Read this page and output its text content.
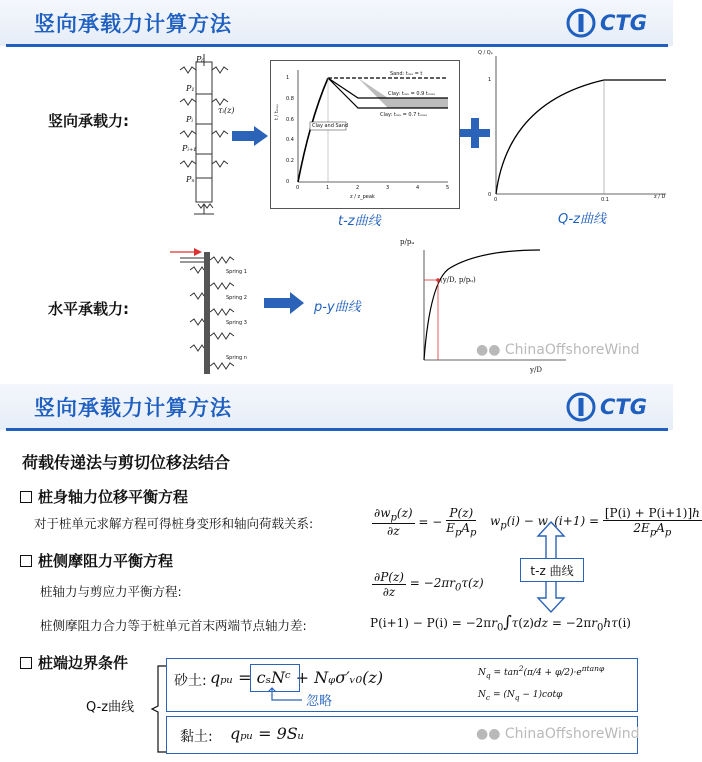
竖向承载力计算方法	CTG
P₀
P₁
Pᵢ
Pᵢ₊₁
Pₙ
τᵢ(z)
竖向承载力:
Sand: tᵣₑₛ = t
Clay: tᵣₑₛ = 0.9 tₘₐₓ
Clay: tᵣₑₛ = 0.7 tₘₐₓ
Clay and Sand
t / tₘₐₓ
z / z_peak
t-z曲线
Q / Qₚ
1
0
0	0.1	z / D
Q-z曲线
Spring 1
Spring 2
Spring 3
Spring n
水平承载力:	p-y曲线
p/pᵤ
(y/D, p/pᵤ)
y/D
●● ChinaOffshoreWind
竖向承载力计算方法	CTG
荷载传递法与剪切位移法结合
桩身轴力位移平衡方程
对于桩单元求解方程可得桩身变形和轴向荷载关系:	$\frac{\partial w_p(z)}{\partial z}$ = −
P(z)
$E_pA_p$
$w_p(i) - w$ (i+1) =
[P(i) + P(i+1)]h
$2E_pA_p$
桩侧摩阻力平衡方程
桩轴力与剪应力平衡方程:	$\frac{\partial P(z)}{\partial z} = -2\pi r_0\tau(z)$
t-z 曲线
桩侧摩阻力合力等于桩单元首末两端节点轴力差:	$P(i+1) - P(i) = -2\pi r_0\int\tau(z)dz = -2\pi r_0h\tau(i)$
桩端边界条件
Q-z曲线
砂土: qₚᵤ = cₛNᶜ + Nᵩσ′ᵥ₀(z)
忽略
$N_q = \tan^2(\pi/4 + \varphi/2)\cdot e^{\pi tan\varphi}$
$N_c = (N_q - 1)\cot\varphi$
黏土: qₚᵤ = 9Sᵤ	●● ChinaOffshoreWind
0	1	2	3	4	5
0
0.2
0.4
0.6
0.8
1
